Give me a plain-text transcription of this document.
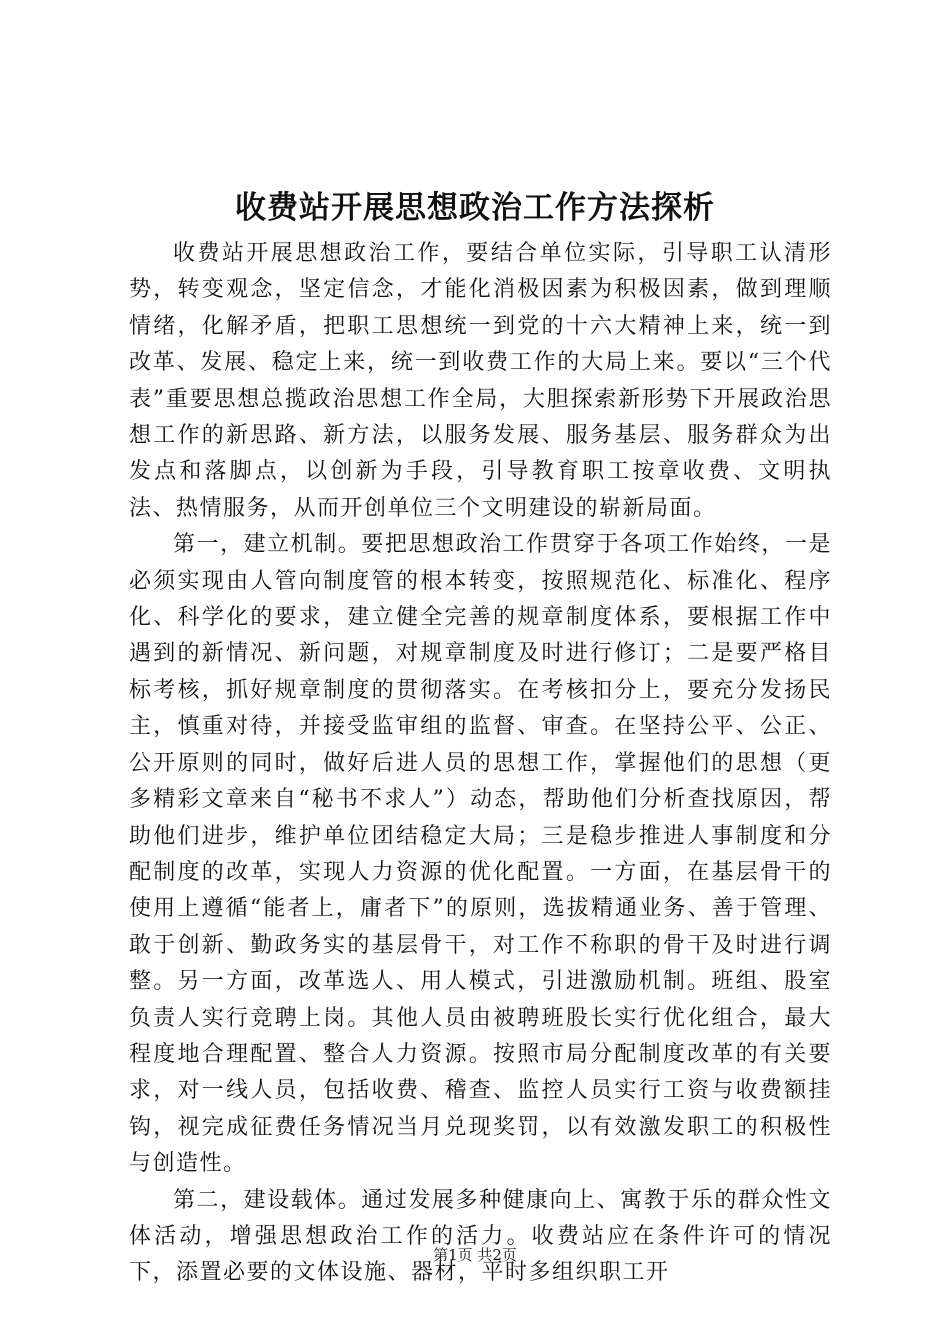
收费站开展思想政治工作方法探析

收费站开展思想政治工作，要结合单位实际，引导职工认清形势，转变观念，坚定信念，才能化消极因素为积极因素，做到理顺情绪，化解矛盾，把职工思想统一到党的十六大精神上来，统一到改革、发展、稳定上来，统一到收费工作的大局上来。要以“三个代表”重要思想总揽政治思想工作全局，大胆探索新形势下开展政治思想工作的新思路、新方法，以服务发展、服务基层、服务群众为出发点和落脚点，以创新为手段，引导教育职工按章收费、文明执法、热情服务，从而开创单位三个文明建设的崭新局面。

第一，建立机制。要把思想政治工作贯穿于各项工作始终，一是必须实现由人管向制度管的根本转变，按照规范化、标准化、程序化、科学化的要求，建立健全完善的规章制度体系，要根据工作中遇到的新情况、新问题，对规章制度及时进行修订；二是要严格目标考核，抓好规章制度的贯彻落实。在考核扣分上，要充分发扬民主，慎重对待，并接受监审组的监督、审查。在坚持公平、公正、公开原则的同时，做好后进人员的思想工作，掌握他们的思想（更多精彩文章来自“秘书不求人”）动态，帮助他们分析查找原因，帮助他们进步，维护单位团结稳定大局；三是稳步推进人事制度和分配制度的改革，实现人力资源的优化配置。一方面，在基层骨干的使用上遵循“能者上，庸者下”的原则，选拔精通业务、善于管理、敢于创新、勤政务实的基层骨干，对工作不称职的骨干及时进行调整。另一方面，改革选人、用人模式，引进激励机制。班组、股室负责人实行竞聘上岗。其他人员由被聘班股长实行优化组合，最大程度地合理配置、整合人力资源。按照市局分配制度改革的有关要求，对一线人员，包括收费、稽查、监控人员实行工资与收费额挂钩，视完成征费任务情况当月兑现奖罚，以有效激发职工的积极性与创造性。

第二，建设载体。通过发展多种健康向上、寓教于乐的群众性文体活动，增强思想政治工作的活力。收费站应在条件许可的情况下，添置必要的文体设施、器材，平时多组织职工开

第1页 共2页
